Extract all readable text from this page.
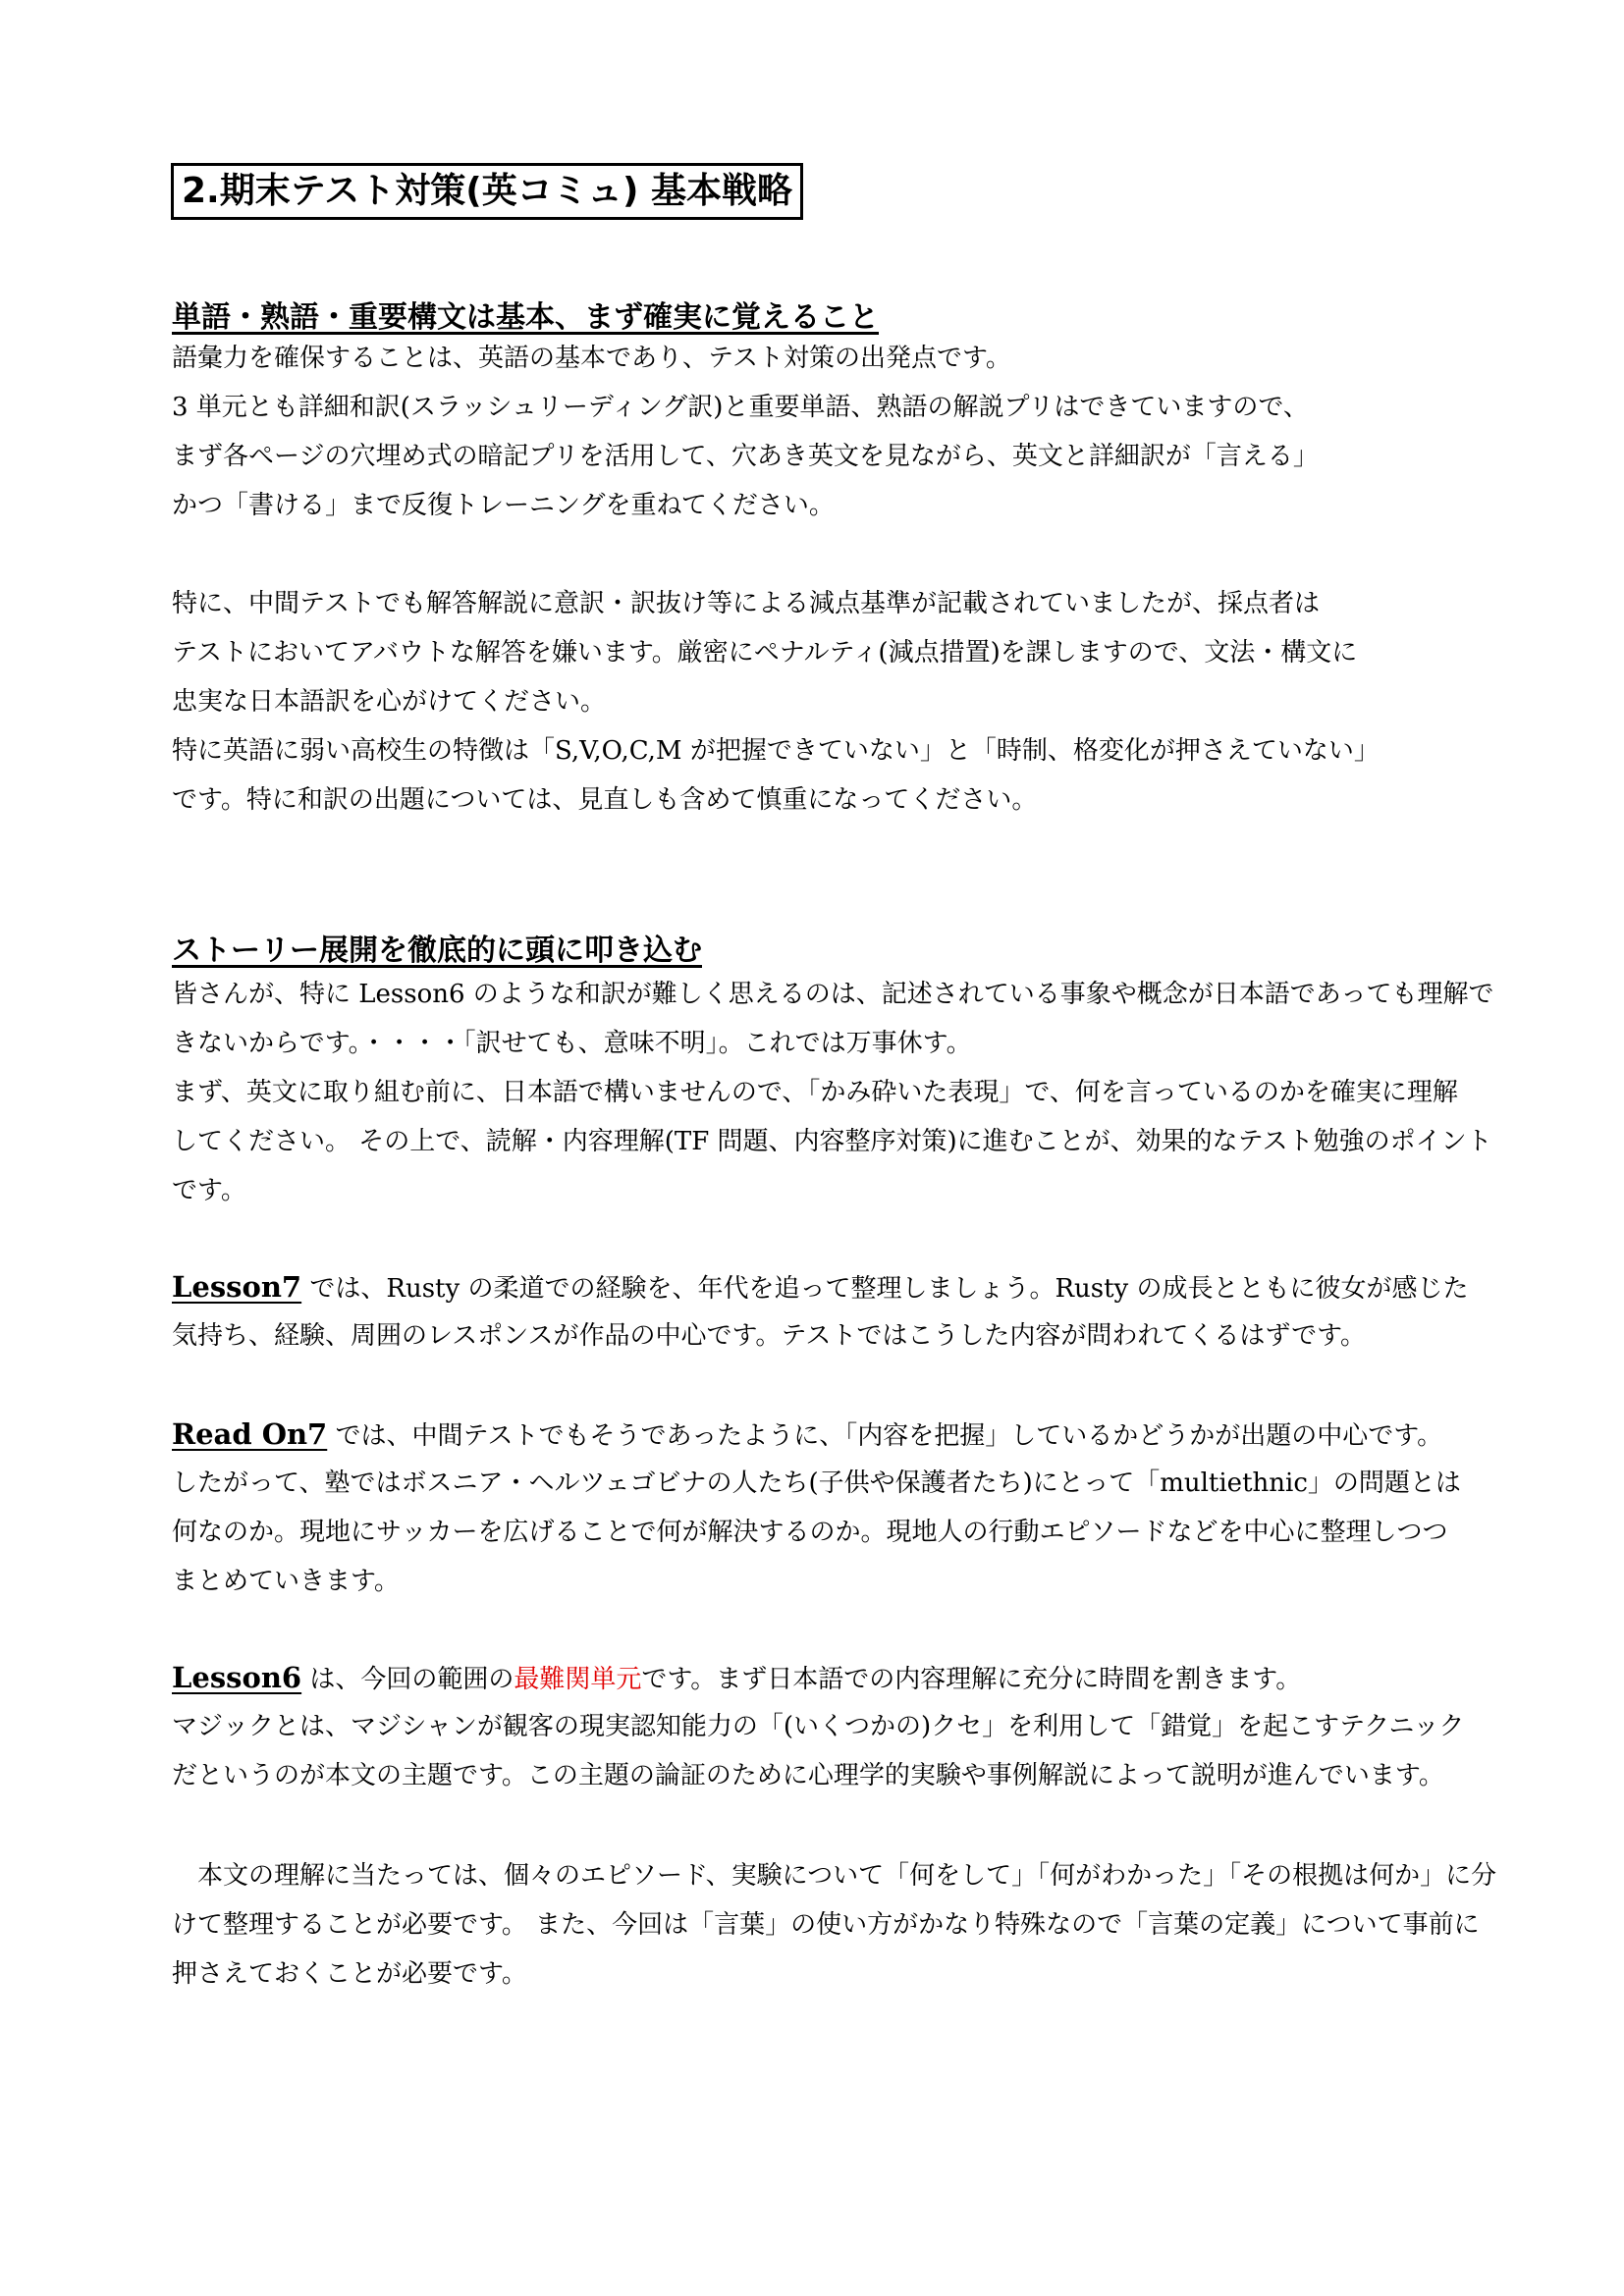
2.期末テスト対策(英コミュ) 基本戦略
単語・熟語・重要構文は基本、まず確実に覚えること
語彙力を確保することは、英語の基本であり、テスト対策の出発点です。
3 単元とも詳細和訳(スラッシュリーディング訳)と重要単語、熟語の解説プリはできていますので、
まず各ページの穴埋め式の暗記プリを活用して、穴あき英文を見ながら、英文と詳細訳が「言える」
かつ「書ける」まで反復トレーニングを重ねてください。
特に、中間テストでも解答解説に意訳・訳抜け等による減点基準が記載されていましたが、採点者は
テストにおいてアバウトな解答を嫌います。厳密にペナルティ(減点措置)を課しますので、文法・構文に
忠実な日本語訳を心がけてください。
特に英語に弱い高校生の特徴は「S,V,O,C,M が把握できていない」と「時制、格変化が押さえていない」
です。特に和訳の出題については、見直しも含めて慎重になってください。
ストーリー展開を徹底的に頭に叩き込む
皆さんが、特に Lesson6 のような和訳が難しく思えるのは、記述されている事象や概念が日本語であっても理解で
きないからです。・・・・「訳せても、意味不明」。これでは万事休す。
まず、英文に取り組む前に、日本語で構いませんので、「かみ砕いた表現」で、何を言っているのかを確実に理解
してください。 その上で、読解・内容理解(TF 問題、内容整序対策)に進むことが、効果的なテスト勉強のポイント
です。
Lesson7 では、Rusty の柔道での経験を、年代を追って整理しましょう。Rusty の成長とともに彼女が感じた
気持ち、経験、周囲のレスポンスが作品の中心です。テストではこうした内容が問われてくるはずです。
Read On7 では、中間テストでもそうであったように、「内容を把握」しているかどうかが出題の中心です。
したがって、塾ではボスニア・ヘルツェゴビナの人たち(子供や保護者たち)にとって「multiethnic」の問題とは
何なのか。現地にサッカーを広げることで何が解決するのか。現地人の行動エピソードなどを中心に整理しつつ
まとめていきます。
Lesson6 は、今回の範囲の最難関単元です。まず日本語での内容理解に充分に時間を割きます。
マジックとは、マジシャンが観客の現実認知能力の「(いくつかの)クセ」を利用して「錯覚」を起こすテクニック
だというのが本文の主題です。この主題の論証のために心理学的実験や事例解説によって説明が進んでいます。
　本文の理解に当たっては、個々のエピソード、実験について「何をして」「何がわかった」「その根拠は何か」に分
けて整理することが必要です。 また、今回は「言葉」の使い方がかなり特殊なので「言葉の定義」について事前に
押さえておくことが必要です。
